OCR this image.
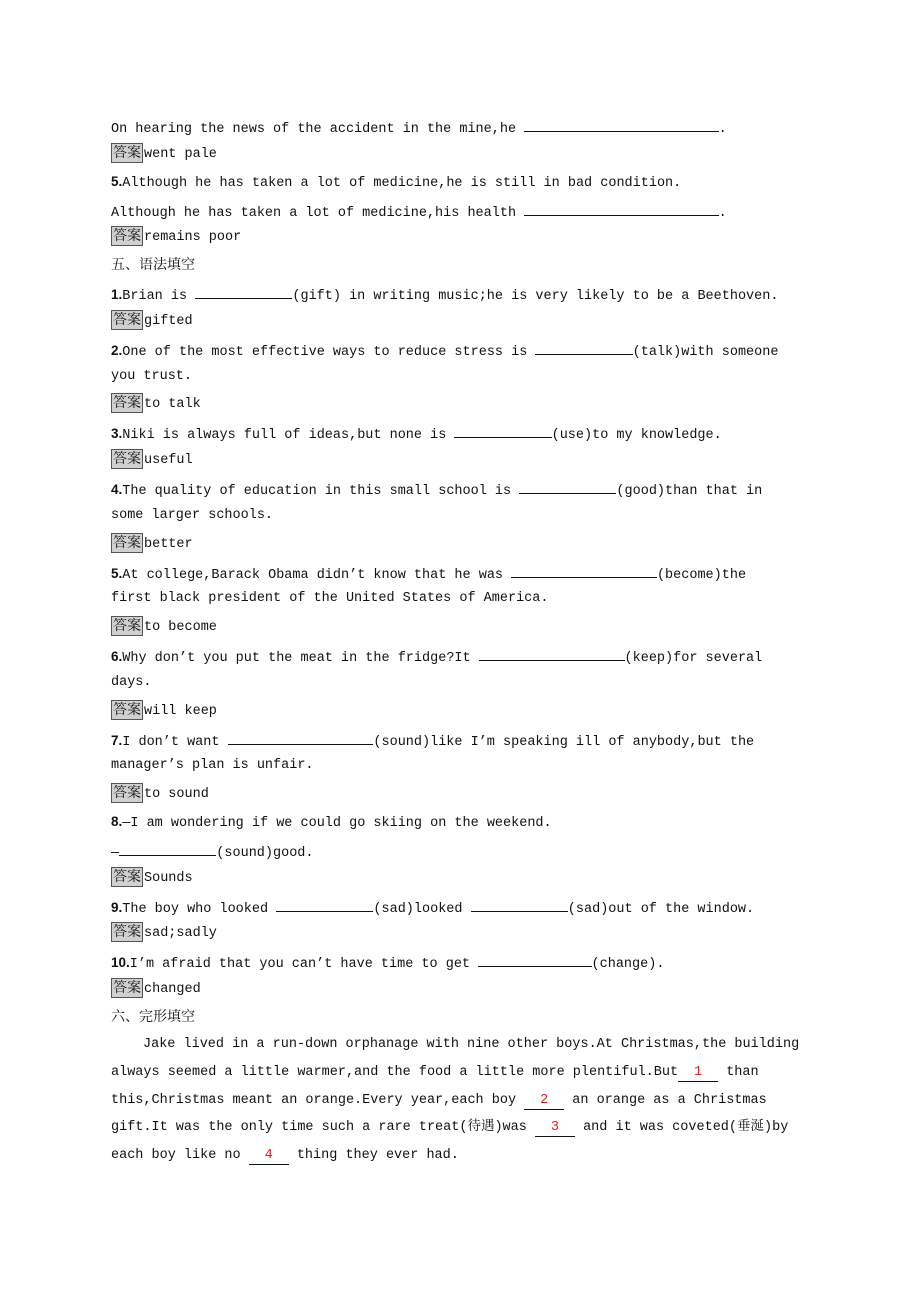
On hearing the news of the accident in the mine,he	.
答案 went pale
5.Although he has taken a lot of medicine,he is still in bad condition.
Although he has taken a lot of medicine,his health	.
答案 remains poor
五、语法填空
1.Brian is	(gift) in writing music;he is very likely to be a Beethoven.
答案 gifted
2.One of the most effective ways to reduce stress is	(talk)with someone
you trust.
答案 to talk
3.Niki is always full of ideas,but none is	(use)to my knowledge.
答案 useful
4.The quality of education in this small school is	(good)than that in
some larger schools.
答案 better
5.At college,Barack Obama didn’t know that he was	(become)the
first black president of the United States of America.
答案 to become
6.Why don’t you put the meat in the fridge?It	(keep)for several
days.
答案 will keep
7.I don’t want	(sound)like I’m speaking ill of anybody,but the
manager’s plan is unfair.
答案 to sound
8.—I am wondering if we could go skiing on the weekend.
—	(sound)good.
答案 Sounds
9.The boy who looked	(sad)looked	(sad)out of the window.
答案 sad;sadly
10.I’m afraid that you can’t have time to get	(change).
答案 changed
六、完形填空
Jake lived in a run-down orphanage with nine other boys.At Christmas,the building
always seemed a little warmer,and the food a little more plentiful.But 1 than
this,Christmas meant an orange.Every year,each boy 2 an orange as a Christmas
gift.It was the only time such a rare treat(待遇)was 3 and it was coveted(垂涎)by
each boy like no 4 thing they ever had.
